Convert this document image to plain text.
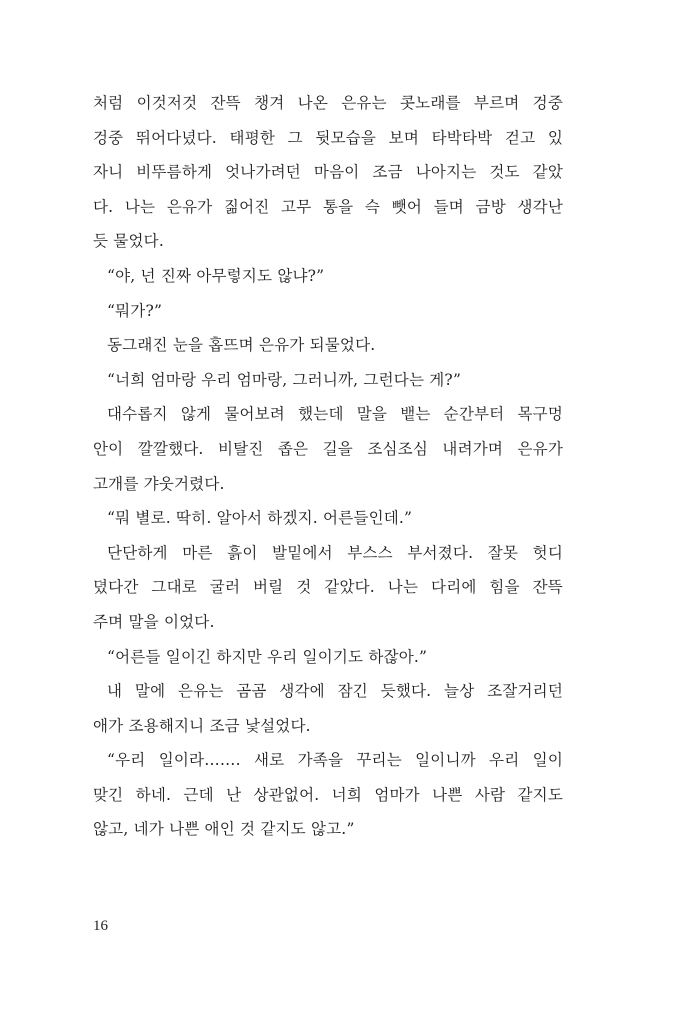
처럼 이것저것 잔뜩 챙겨 나온 은유는 콧노래를 부르며 겅중
겅중 뛰어다녔다. 태평한 그 뒷모습을 보며 타박타박 걷고 있
자니 비뚜름하게 엇나가려던 마음이 조금 나아지는 것도 같았
다. 나는 은유가 짊어진 고무 통을 슥 뺏어 들며 금방 생각난
듯 물었다.
“야, 넌 진짜 아무렇지도 않냐?”
“뭐가?”
동그래진 눈을 홉뜨며 은유가 되물었다.
“너희 엄마랑 우리 엄마랑, 그러니까, 그런다는 게?”
대수롭지 않게 물어보려 했는데 말을 뱉는 순간부터 목구멍
안이 깔깔했다. 비탈진 좁은 길을 조심조심 내려가며 은유가
고개를 갸웃거렸다.
“뭐 별로. 딱히. 알아서 하겠지. 어른들인데.”
단단하게 마른 흙이 발밑에서 부스스 부서졌다. 잘못 헛디
뎠다간 그대로 굴러 버릴 것 같았다. 나는 다리에 힘을 잔뜩
주며 말을 이었다.
“어른들 일이긴 하지만 우리 일이기도 하잖아.”
내 말에 은유는 곰곰 생각에 잠긴 듯했다. 늘상 조잘거리던
애가 조용해지니 조금 낯설었다.
“우리 일이라……. 새로 가족을 꾸리는 일이니까 우리 일이
맞긴 하네. 근데 난 상관없어. 너희 엄마가 나쁜 사람 같지도
않고, 네가 나쁜 애인 것 같지도 않고.”
16
